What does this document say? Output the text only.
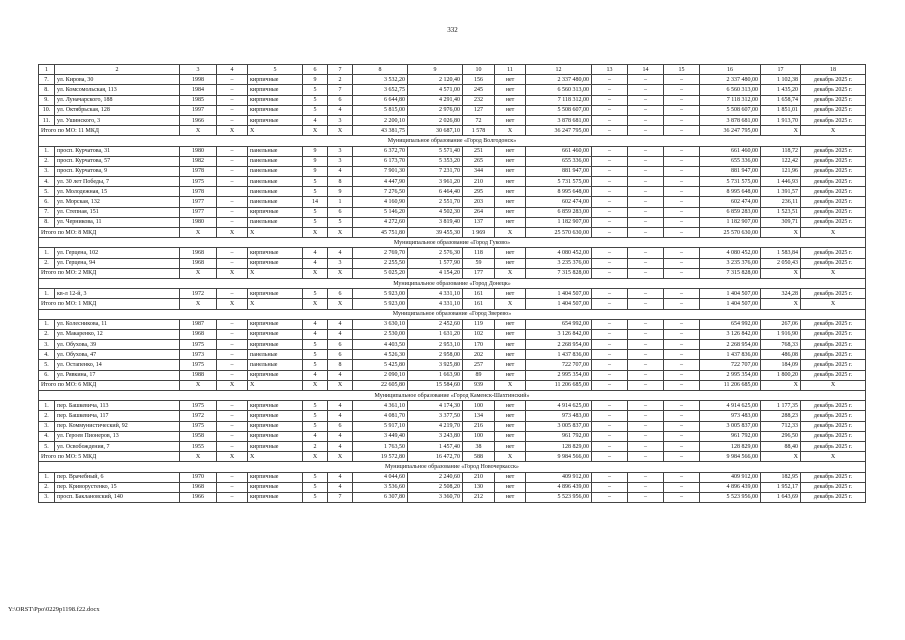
332
1	2	3	4	5	6	7	8	9	10	11	12	13	14	15	16	17	18
7.	ул. Кирова, 30	1998	–	кирпичные	9	2	3 532,20	2 120,40	156	нет	2 337 480,00	–	–	–	2 337 480,00	1 102,38	декабрь 2025 г.
8.	ул. Комсомольская, 113	1984	–	кирпичные	5	7	3 652,75	4 571,00	245	нет	6 560 313,00	–	–	–	6 560 313,00	1 435,20	декабрь 2025 г.
9.	ул. Луначарского, 188	1985	–	кирпичные	5	6	6 644,80	4 291,40	232	нет	7 118 312,00	–	–	–	7 118 312,00	1 658,74	декабрь 2025 г.
10.	ул. Октябрьская, 128	1997	–	кирпичные	5	4	5 815,00	2 976,00	127	нет	5 508 607,00	–	–	–	5 508 607,00	1 851,01	декабрь 2025 г.
11.	ул. Ушинского, 3	1966	–	кирпичные	4	3	2 200,10	2 026,80	72	нет	3 878 681,00	–	–	–	3 878 681,00	1 913,70	декабрь 2025 г.
Итого по МО: 11 МКД		X	X	X	X	X	43 381,75	30 687,10	1 578	X	36 247 795,00	–	–	–	36 247 795,00	X	X
Муниципальное образование «Город Волгодонск»																	
1.	просп. Курчатова, 31	1980	–	панельные	9	3	6 372,70	5 571,40	251	нет	661 460,00	–	–	–	661 460,00	118,72	декабрь 2025 г.
2.	просп. Курчатова, 57	1982	–	панельные	9	3	6 173,70	5 353,20	265	нет	655 336,00	–	–	–	655 336,00	122,42	декабрь 2025 г.
3.	просп. Курчатова, 9	1978	–	панельные	9	4	7 901,30	7 231,70	344	нет	881 947,00	–	–	–	881 947,00	121,96	декабрь 2025 г.
4.	ул. 30 лет Победы, 7	1975	–	панельные	5	8	4 447,90	3 961,20	210	нет	5 731 575,00	–	–	–	5 731 575,00	1 446,93	декабрь 2025 г.
5.	ул. Молодежная, 15	1978		панельные	5	9	7 276,50	6 464,40	295	нет	8 995 648,00	–	–	–	8 995 648,00	1 391,57	декабрь 2025 г.
6.	ул. Морская, 132	1977	–	панельные	14	1	4 160,90	2 551,70	203	нет	602 474,00	–	–	–	602 474,00	236,11	декабрь 2025 г.
7.	ул. Степная, 151	1977	–	кирпичные	5	6	5 146,20	4 502,30	264	нет	6 859 283,00	–	–	–	6 859 283,00	1 523,51	декабрь 2025 г.
8.	ул. Черникова, 11	1980	–	панельные	5	5	4 272,60	3 819,40	137	нет	1 182 907,00	–	–	–	1 182 907,00	309,71	декабрь 2025 г.
Итого по МО: 8 МКД		X	X	X	X	X	45 751,80	39 455,30	1 969	X	25 570 630,00	–	–	–	25 570 630,00	X	X
Муниципальное образование «Город Гуково»																	
1.	ул. Герцена, 102	1968	–	кирпичные	4	4	2 769,70	2 576,30	118	нет	4 080 452,00	–	–	–	4 080 452,00	1 583,84	декабрь 2025 г.
2.	ул. Герцена, 94	1968	–	кирпичные	4	3	2 255,50	1 577,90	59	нет	3 235 376,00	–	–	–	3 235 376,00	2 050,43	декабрь 2025 г.
Итого по МО: 2 МКД		X	X	X	X	X	5 025,20	4 154,20	177	X	7 315 828,00	–	–	–	7 315 828,00	X	X
Муниципальное образование «Город Донецк»																	
1.	кв-л 12-й, 3	1972	–	кирпичные	5	6	5 923,00	4 331,10	161	нет	1 404 507,00	–	–	–	1 404 507,00	324,28	декабрь 2025 г.
Итого по МО: 1 МКД		X	X	X	X	X	5 923,00	4 331,10	161	X	1 404 507,00	–	–	–	1 404 507,00	X	X
Муниципальное образование «Город Зверево»																	
1.	ул. Колесникова, 11	1987	–	кирпичные	4	4	3 630,10	2 452,60	119	нет	654 992,00	–	–	–	654 992,00	267,06	декабрь 2025 г.
2.	ул. Макаренко, 12	1968	–	кирпичные	4	4	2 530,00	1 631,20	102	нет	3 126 842,00	–	–	–	3 126 842,00	1 916,90	декабрь 2025 г.
3.	ул. Обухова, 39	1975	–	кирпичные	5	6	4 403,50	2 953,10	170	нет	2 268 954,00	–	–	–	2 268 954,00	768,33	декабрь 2025 г.
4.	ул. Обухова, 47	1973	–	панельные	5	6	4 526,30	2 958,00	202	нет	1 437 836,00	–	–	–	1 437 836,00	486,08	декабрь 2025 г.
5.	ул. Остапенко, 14	1975	–	панельные	5	8	5 425,80	3 925,80	257	нет	722 707,00	–	–	–	722 707,00	184,09	декабрь 2025 г.
6.	ул. Рявкина, 17	1988	–	кирпичные	4	4	2 090,10	1 663,90	89	нет	2 995 354,00	–	–	–	2 995 354,00	1 800,20	декабрь 2025 г.
Итого по МО: 6 МКД		X	X	X	X	X	22 605,80	15 584,60	939	X	11 206 685,00	–	–	–	11 206 685,00	X	X
Муниципальное образование «Город Каменск-Шахтинский»																	
1.	пер. Башкевича, 113	1975	–	кирпичные	5	4	4 361,10	4 174,30	100	нет	4 914 625,00	–	–	–	4 914 625,00	1 177,35	декабрь 2025 г.
2.	пер. Башкевича, 117	1972	–	кирпичные	5	4	4 081,70	3 377,50	134	нет	973 483,00	–	–	–	973 483,00	288,23	декабрь 2025 г.
3.	пер. Коммунистический, 92	1975	–	кирпичные	5	6	5 917,10	4 219,70	216	нет	3 005 837,00	–	–	–	3 005 837,00	712,33	декабрь 2025 г.
4.	ул. Героев Пионеров, 13	1958	–	кирпичные	4	4	3 449,40	3 243,80	100	нет	961 792,00	–	–	–	961 792,00	296,50	декабрь 2025 г.
5.	ул. Освобождения, 7	1955	–	кирпичные	2	4	1 763,50	1 457,40	38	нет	128 829,00	–	–	–	128 829,00	88,40	декабрь 2025 г.
Итого по МО: 5 МКД		X	X	X	X	X	19 572,80	16 472,70	588	X	9 984 566,00	–	–	–	9 984 566,00	X	X
Муниципальное образование «Город Новочеркасск»																	
1.	пер. Врачебный, 6	1970	–	кирпичные	5	4	4 044,60	2 240,60	210	нет	409 912,00	–	–	–	409 912,00	182,95	декабрь 2025 г.
2.	пер. Криворустенко, 15	1968	–	кирпичные	5	4	3 536,60	2 508,20	130	нет	4 896 439,00	–	–	–	4 896 439,00	1 952,17	декабрь 2025 г.
3.	просп. Баклановский, 140	1966	–	кирпичные	5	7	6 307,80	3 360,70	212	нет	5 523 956,00	–	–	–	5 523 956,00	1 643,69	декабрь 2025 г.
Y:\ORST\Ppo\0229p1198.f22.docx
